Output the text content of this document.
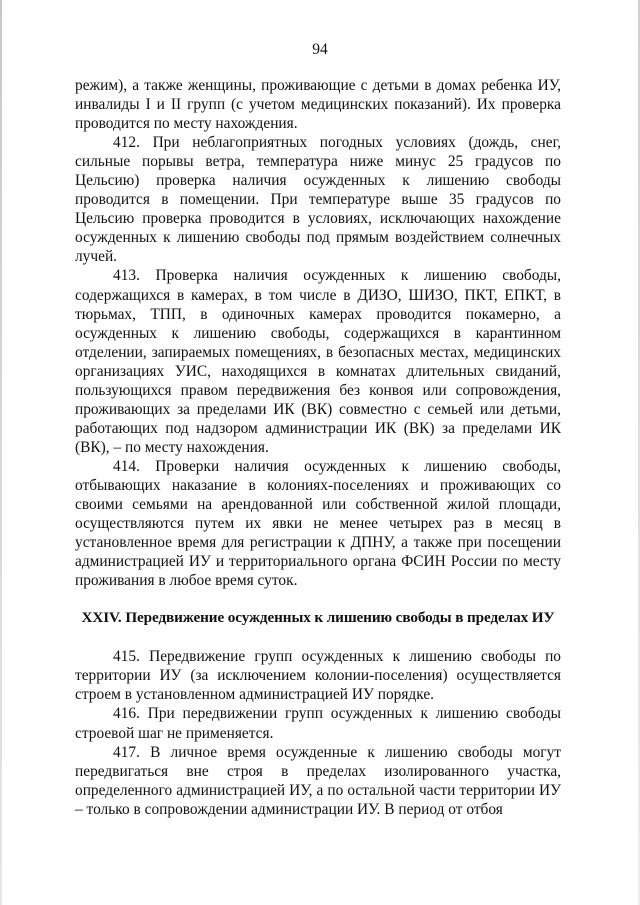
94

режим), а также женщины, проживающие с детьми в домах ребенка ИУ, инвалиды I и II групп (с учетом медицинских показаний). Их проверка проводится по месту нахождения.

412. При неблагоприятных погодных условиях (дождь, снег, сильные порывы ветра, температура ниже минус 25 градусов по Цельсию) проверка наличия осужденных к лишению свободы проводится в помещении. При температуре выше 35 градусов по Цельсию проверка проводится в условиях, исключающих нахождение осужденных к лишению свободы под прямым воздействием солнечных лучей.

413. Проверка наличия осужденных к лишению свободы, содержащихся в камерах, в том числе в ДИЗО, ШИЗО, ПКТ, ЕПКТ, в тюрьмах, ТПП, в одиночных камерах проводится покамерно, а осужденных к лишению свободы, содержащихся в карантинном отделении, запираемых помещениях, в безопасных местах, медицинских организациях УИС, находящихся в комнатах длительных свиданий, пользующихся правом передвижения без конвоя или сопровождения, проживающих за пределами ИК (ВК) совместно с семьей или детьми, работающих под надзором администрации ИК (ВК) за пределами ИК (ВК), – по месту нахождения.

414. Проверки наличия осужденных к лишению свободы, отбывающих наказание в колониях-поселениях и проживающих со своими семьями на арендованной или собственной жилой площади, осуществляются путем их явки не менее четырех раз в месяц в установленное время для регистрации к ДПНУ, а также при посещении администрацией ИУ и территориального органа ФСИН России по месту проживания в любое время суток.

XXIV. Передвижение осужденных к лишению свободы в пределах ИУ

415. Передвижение групп осужденных к лишению свободы по территории ИУ (за исключением колонии-поселения) осуществляется строем в установленном администрацией ИУ порядке.

416. При передвижении групп осужденных к лишению свободы строевой шаг не применяется.

417. В личное время осужденные к лишению свободы могут передвигаться вне строя в пределах изолированного участка, определенного администрацией ИУ, а по остальной части территории ИУ – только в сопровождении администрации ИУ. В период от отбоя
